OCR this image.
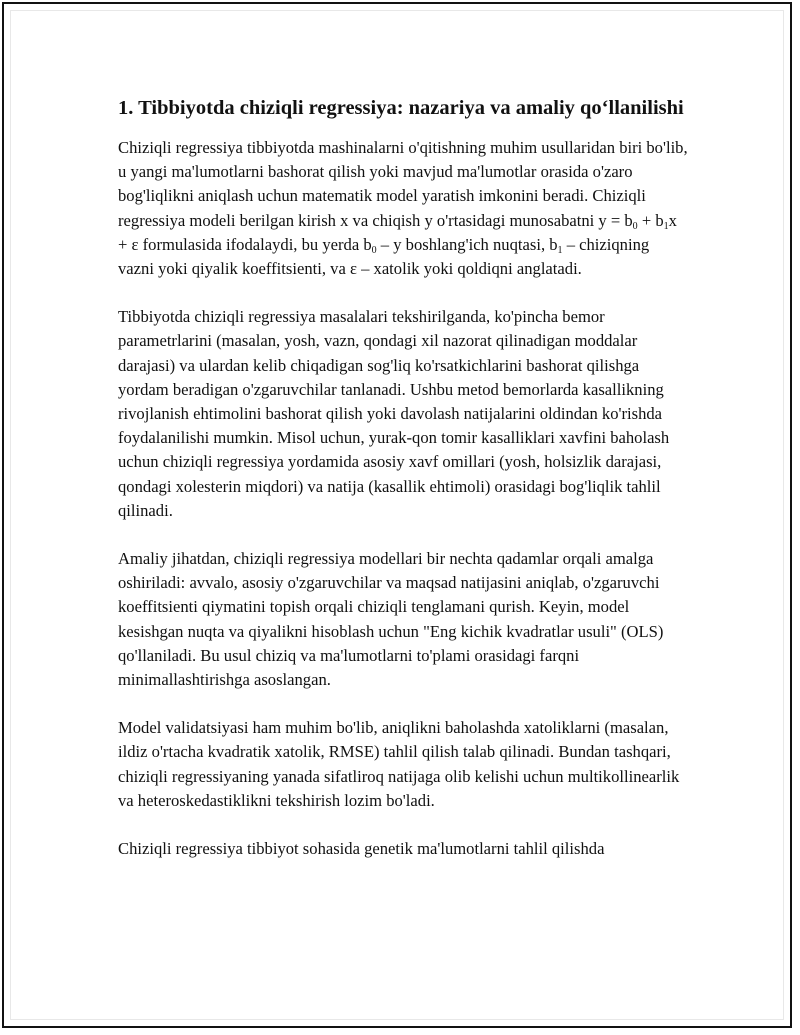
1. Tibbiyotda chiziqli regressiya: nazariya va amaliy qo‘llanilishi

Chiziqli regressiya tibbiyotda mashinalarni o'qitishning muhim usullaridan biri bo'lib, u yangi ma'lumotlarni bashorat qilish yoki mavjud ma'lumotlar orasida o'zaro bog'liqlikni aniqlash uchun matematik model yaratish imkonini beradi. Chiziqli regressiya modeli berilgan kirish x va chiqish y o'rtasidagi munosabatni $y = b_0 + b_1x + \varepsilon$ formulasida ifodalaydi, bu yerda $b_0$ – y boshlang'ich nuqtasi, $b_1$ – chiziqning vazni yoki qiyalik koeffitsienti, va ε – xatolik yoki qoldiqni anglatadi.

Tibbiyotda chiziqli regressiya masalalari tekshirilganda, ko'pincha bemor parametrlarini (masalan, yosh, vazn, qondagi xil nazorat qilinadigan moddalar darajasi) va ulardan kelib chiqadigan sog'liq ko'rsatkichlarini bashorat qilishga yordam beradigan o'zgaruvchilar tanlanadi. Ushbu metod bemorlarda kasallikning rivojlanish ehtimolini bashorat qilish yoki davolash natijalarini oldindan ko'rishda foydalanilishi mumkin. Misol uchun, yurak-qon tomir kasalliklari xavfini baholash uchun chiziqli regressiya yordamida asosiy xavf omillari (yosh, holsizlik darajasi, qondagi xolesterin miqdori) va natija (kasallik ehtimoli) orasidagi bog'liqlik tahlil qilinadi.

Amaliy jihatdan, chiziqli regressiya modellari bir nechta qadamlar orqali amalga oshiriladi: avvalo, asosiy o'zgaruvchilar va maqsad natijasini aniqlab, o'zgaruvchi koeffitsienti qiymatini topish orqali chiziqli tenglamani qurish. Keyin, model kesishgan nuqta va qiyalikni hisoblash uchun "Eng kichik kvadratlar usuli" (OLS) qo'llaniladi. Bu usul chiziq va ma'lumotlarni to'plami orasidagi farqni minimallashtirishga asoslangan.

Model validatsiyasi ham muhim bo'lib, aniqlikni baholashda xatoliklarni (masalan, ildiz o'rtacha kvadratik xatolik, RMSE) tahlil qilish talab qilinadi. Bundan tashqari, chiziqli regressiyaning yanada sifatliroq natijaga olib kelishi uchun multikollinearlik va heteroskedastiklikni tekshirish lozim bo'ladi.

Chiziqli regressiya tibbiyot sohasida genetik ma'lumotlarni tahlil qilishda
